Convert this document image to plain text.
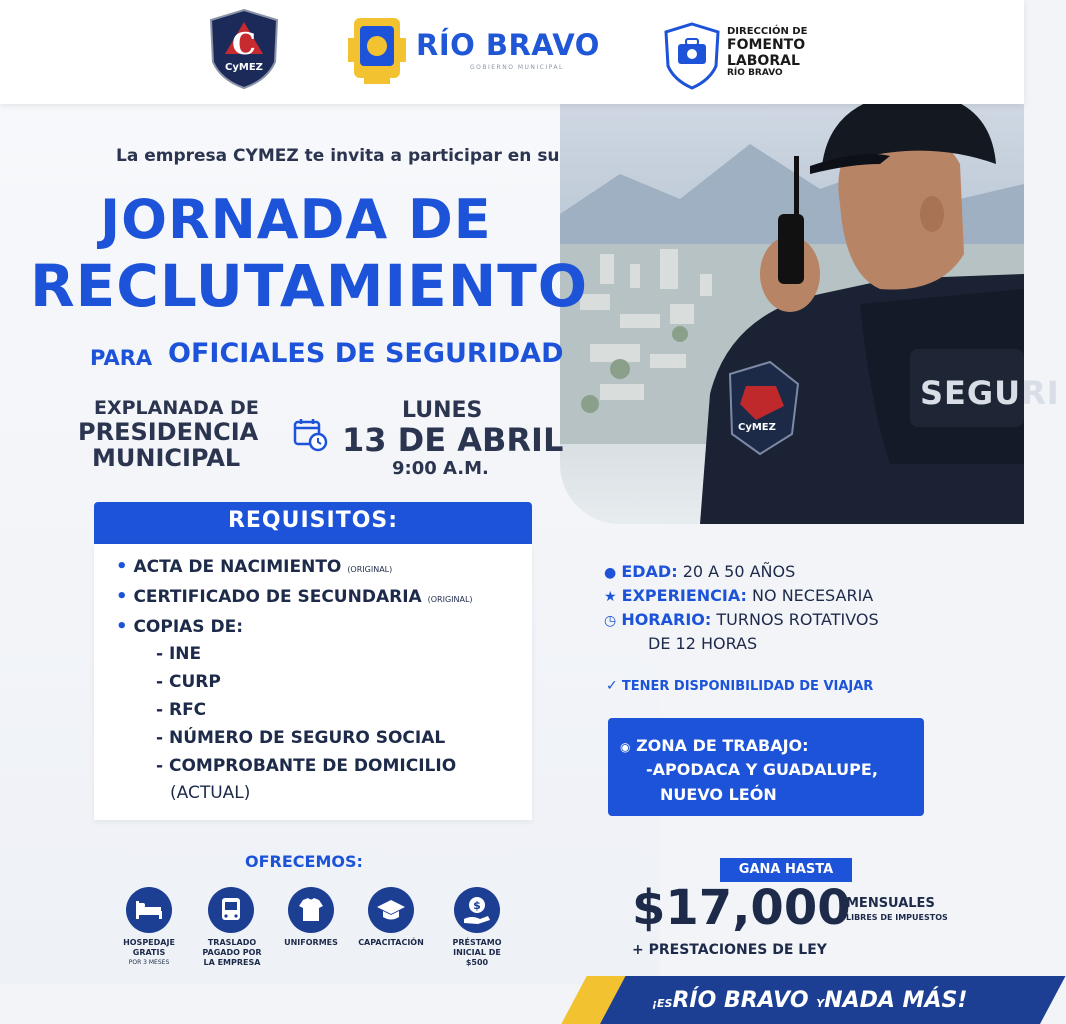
SEGURI
CyMEZ
C
CyMEZ
RÍO BRAVO
GOBIERNO MUNICIPAL
DIRECCIÓN DE
FOMENTO
LABORAL
RÍO BRAVO
La empresa CYMEZ te invita a participar en su
JORNADA DE
RECLUTAMIENTO
PARA OFICIALES DE SEGURIDAD
EXPLANADA DE
PRESIDENCIA
MUNICIPAL
LUNES
13 DE ABRIL
9:00 A.M.
REQUISITOS:
• ACTA DE NACIMIENTO (ORIGINAL)
• CERTIFICADO DE SECUNDARIA (ORIGINAL)
• COPIAS DE:
- INE
- CURP
- RFC
- NÚMERO DE SEGURO SOCIAL
- COMPROBANTE DE DOMICILIO
(ACTUAL)
● EDAD: 20 A 50 AÑOS
★ EXPERIENCIA: NO NECESARIA
◷ HORARIO: TURNOS ROTATIVOS
DE 12 HORAS
✓ TENER DISPONIBILIDAD DE VIAJAR
◉ ZONA DE TRABAJO:
-APODACA Y GUADALUPE,
NUEVO LEÓN
OFRECEMOS:
HOSPEDAJE
GRATIS
POR 3 MESES
TRASLADO
PAGADO POR
LA EMPRESA
UNIFORMES	CAPACITACIÓN
$
PRÉSTAMO
INICIAL DE
$500
GANA HASTA
$17,000
MENSUALES
LIBRES DE IMPUESTOS
+ PRESTACIONES DE LEY
¡ESRÍO BRAVO YNADA MÁS!
